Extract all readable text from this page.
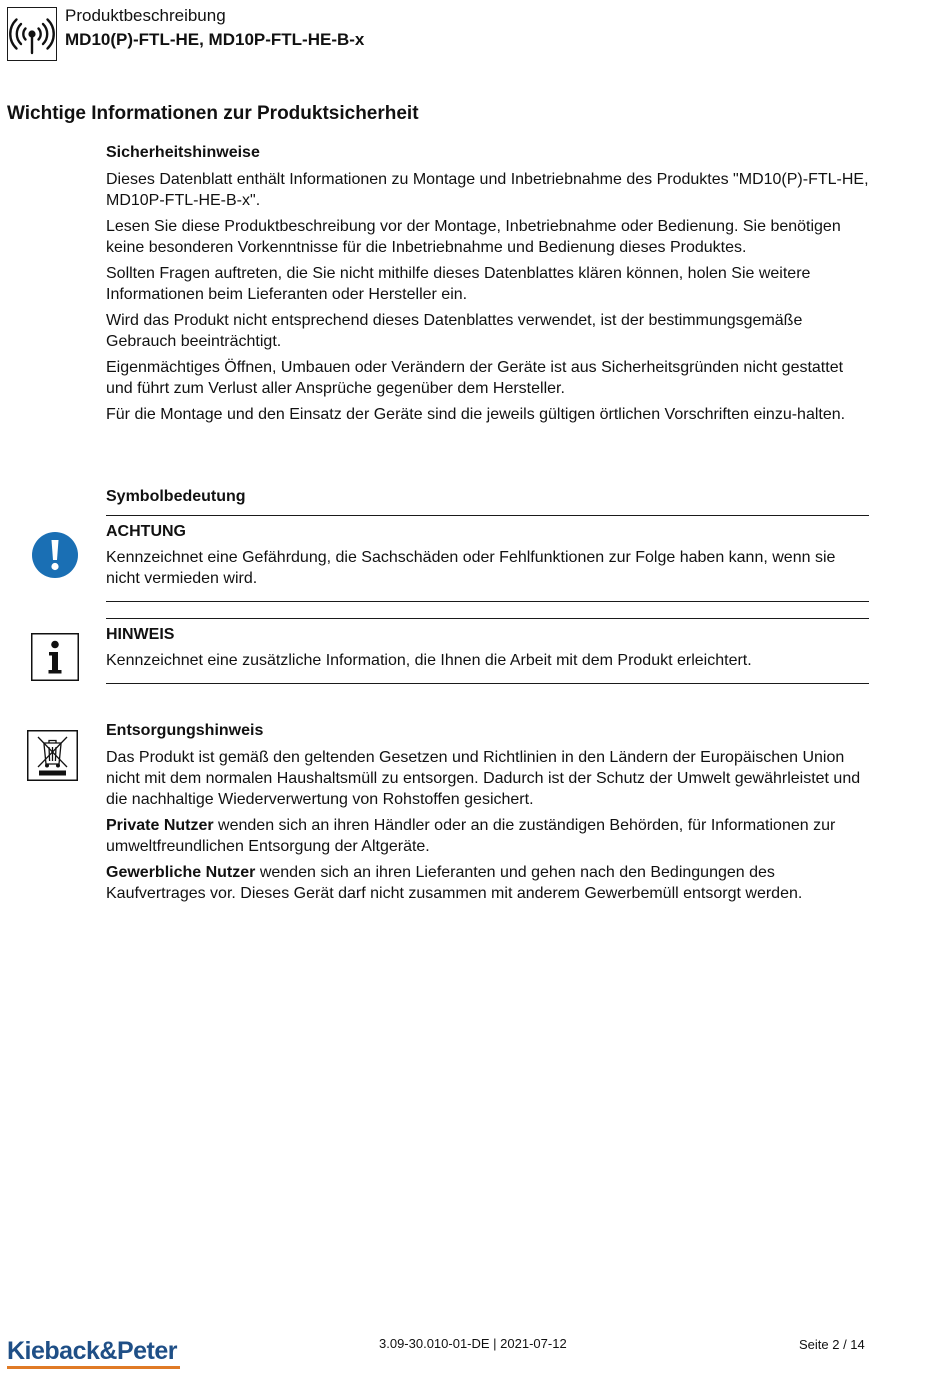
Produktbeschreibung
MD10(P)-FTL-HE, MD10P-FTL-HE-B-x
Wichtige Informationen zur Produktsicherheit
Sicherheitshinweise

Dieses Datenblatt enthält Informationen zu Montage und Inbetriebnahme des Produktes "MD10(P)-FTL-HE, MD10P-FTL-HE-B-x".

Lesen Sie diese Produktbeschreibung vor der Montage, Inbetriebnahme oder Bedienung. Sie benötigen keine besonderen Vorkenntnisse für die Inbetriebnahme und Bedienung dieses Produktes.

Sollten Fragen auftreten, die Sie nicht mithilfe dieses Datenblattes klären können, holen Sie weitere Informationen beim Lieferanten oder Hersteller ein.

Wird das Produkt nicht entsprechend dieses Datenblattes verwendet, ist der bestimmungsgemäße Gebrauch beeinträchtigt.

Eigenmächtiges Öffnen, Umbauen oder Verändern der Geräte ist aus Sicherheitsgründen nicht gestattet und führt zum Verlust aller Ansprüche gegenüber dem Hersteller.

Für die Montage und den Einsatz der Geräte sind die jeweils gültigen örtlichen Vorschriften einzu-halten.

Symbolbedeutung
ACHTUNG

Kennzeichnet eine Gefährdung, die Sachschäden oder Fehlfunktionen zur Folge haben kann, wenn sie nicht vermieden wird.

HINWEIS

Kennzeichnet eine zusätzliche Information, die Ihnen die Arbeit mit dem Produkt erleichtert.

Entsorgungshinweis

Das Produkt ist gemäß den geltenden Gesetzen und Richtlinien in den Ländern der Europäischen Union nicht mit dem normalen Haushaltsmüll zu entsorgen. Dadurch ist der Schutz der Umwelt gewährleistet und die nachhaltige Wiederverwertung von Rohstoffen gesichert.

Private Nutzer wenden sich an ihren Händler oder an die zuständigen Behörden, für Informationen zur umweltfreundlichen Entsorgung der Altgeräte.

Gewerbliche Nutzer wenden sich an ihren Lieferanten und gehen nach den Bedingungen des Kaufvertrages vor. Dieses Gerät darf nicht zusammen mit anderem Gewerbemüll entsorgt werden.

Kieback&Peter	3.09-30.010-01-DE | 2021-07-12	Seite 2 / 14
